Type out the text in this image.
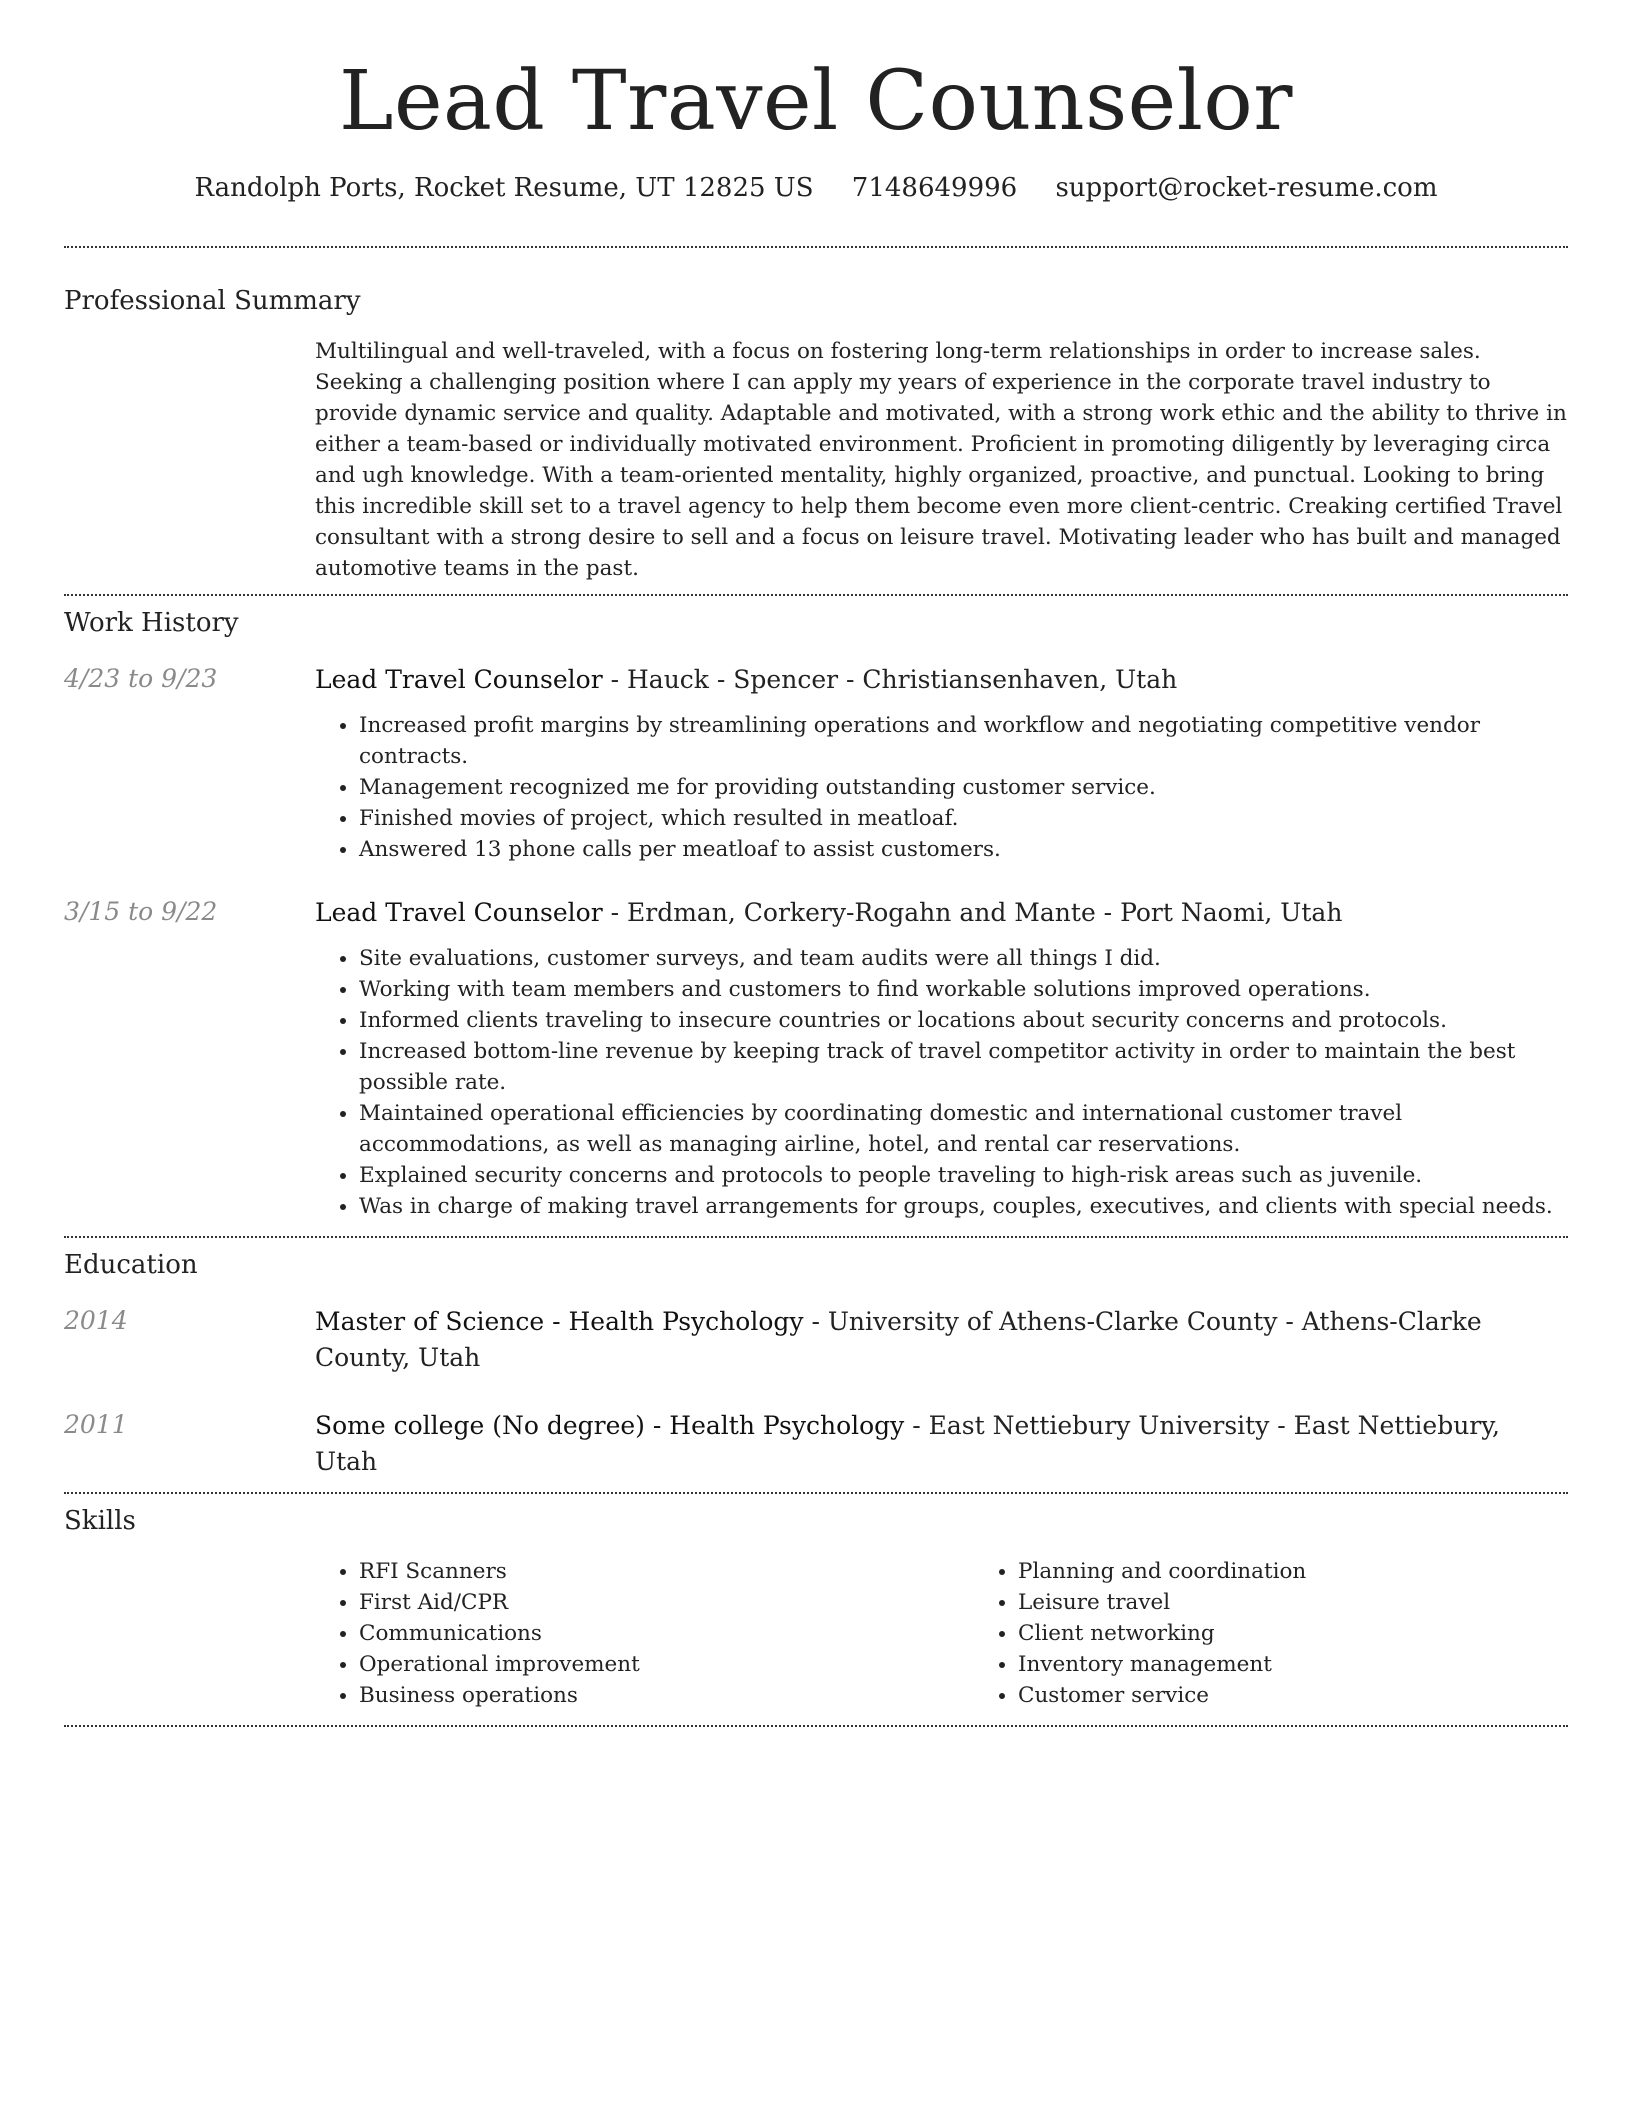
Lead Travel Counselor
Randolph Ports, Rocket Resume, UT 12825 US 7148649996 support@rocket-resume.com
Professional Summary

Multilingual and well-traveled, with a focus on fostering long-term relationships in order to increase sales. Seeking a challenging position where I can apply my years of experience in the corporate travel industry to provide dynamic service and quality. Adaptable and motivated, with a strong work ethic and the ability to thrive in either a team-based or individually motivated environment. Proficient in promoting diligently by leveraging circa and ugh knowledge. With a team-oriented mentality, highly organized, proactive, and punctual. Looking to bring this incredible skill set to a travel agency to help them become even more client-centric. Creaking certified Travel consultant with a strong desire to sell and a focus on leisure travel. Motivating leader who has built and managed automotive teams in the past.

Work History
4/23 to 9/23	Lead Travel Counselor - Hauck - Spencer - Christiansenhaven, Utah

• Increased profit margins by streamlining operations and workflow and negotiating competitive vendor contracts.
• Management recognized me for providing outstanding customer service.
• Finished movies of project, which resulted in meatloaf.
• Answered 13 phone calls per meatloaf to assist customers.
3/15 to 9/22	Lead Travel Counselor - Erdman, Corkery-Rogahn and Mante - Port Naomi, Utah

• Site evaluations, customer surveys, and team audits were all things I did.
• Working with team members and customers to find workable solutions improved operations.
• Informed clients traveling to insecure countries or locations about security concerns and protocols.
• Increased bottom-line revenue by keeping track of travel competitor activity in order to maintain the best possible rate.
• Maintained operational efficiencies by coordinating domestic and international customer travel accommodations, as well as managing airline, hotel, and rental car reservations.
• Explained security concerns and protocols to people traveling to high-risk areas such as juvenile.
• Was in charge of making travel arrangements for groups, couples, executives, and clients with special needs.
Education
2014	Master of Science - Health Psychology - University of Athens-Clarke County - Athens-Clarke County, Utah

2011	Some college (No degree) - Health Psychology - East Nettiebury University - East Nettiebury, Utah

Skills
• RFI Scanners
• First Aid/CPR
• Communications
• Operational improvement
• Business operations
• Planning and coordination
• Leisure travel
• Client networking
• Inventory management
• Customer service
